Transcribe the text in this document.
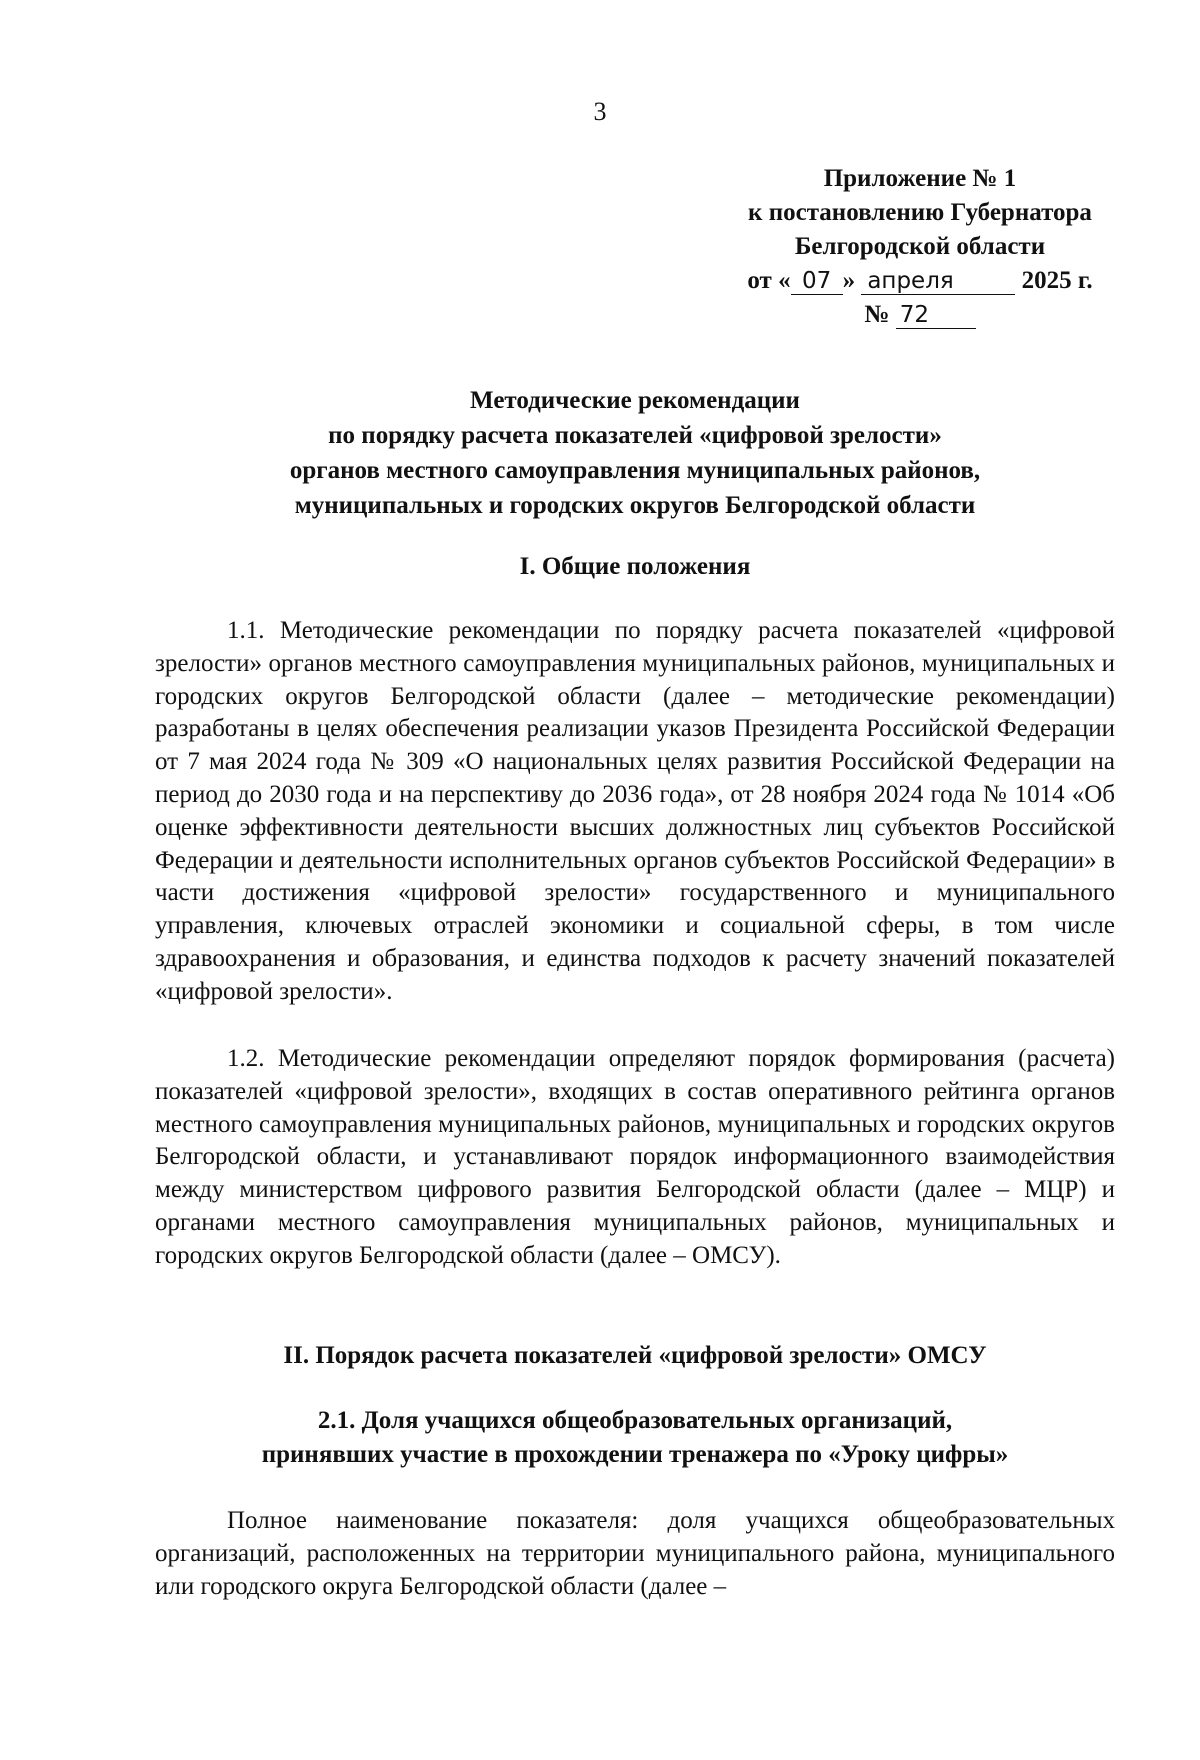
3
Приложение № 1
к постановлению Губернатора
Белгородской области
от « 07 » апреля	2025 г.
№ 72
Методические рекомендации
по порядку расчета показателей «цифровой зрелости»
органов местного самоуправления муниципальных районов,
муниципальных и городских округов Белгородской области
I. Общие положения
1.1. Методические рекомендации по порядку расчета показателей «цифровой зрелости» органов местного самоуправления муниципальных районов, муниципальных и городских округов Белгородской области (далее – методические рекомендации) разработаны в целях обеспечения реализации указов Президента Российской Федерации от 7 мая 2024 года № 309 «О национальных целях развития Российской Федерации на период до 2030 года и на перспективу до 2036 года», от 28 ноября 2024 года № 1014 «Об оценке эффективности деятельности высших должностных лиц субъектов Российской Федерации и деятельности исполнительных органов субъектов Российской Федерации» в части достижения «цифровой зрелости» государственного и муниципального управления, ключевых отраслей экономики и социальной сферы, в том числе здравоохранения и образования, и единства подходов к расчету значений показателей «цифровой зрелости».
1.2. Методические рекомендации определяют порядок формирования (расчета) показателей «цифровой зрелости», входящих в состав оперативного рейтинга органов местного самоуправления муниципальных районов, муниципальных и городских округов Белгородской области, и устанавливают порядок информационного взаимодействия между министерством цифрового развития Белгородской области (далее – МЦР) и органами местного самоуправления муниципальных районов, муниципальных и городских округов Белгородской области (далее – ОМСУ).
II. Порядок расчета показателей «цифровой зрелости» ОМСУ
2.1. Доля учащихся общеобразовательных организаций,
принявших участие в прохождении тренажера по «Уроку цифры»
Полное наименование показателя: доля учащихся общеобразовательных организаций, расположенных на территории муниципального района, муниципального или городского округа Белгородской области (далее –
